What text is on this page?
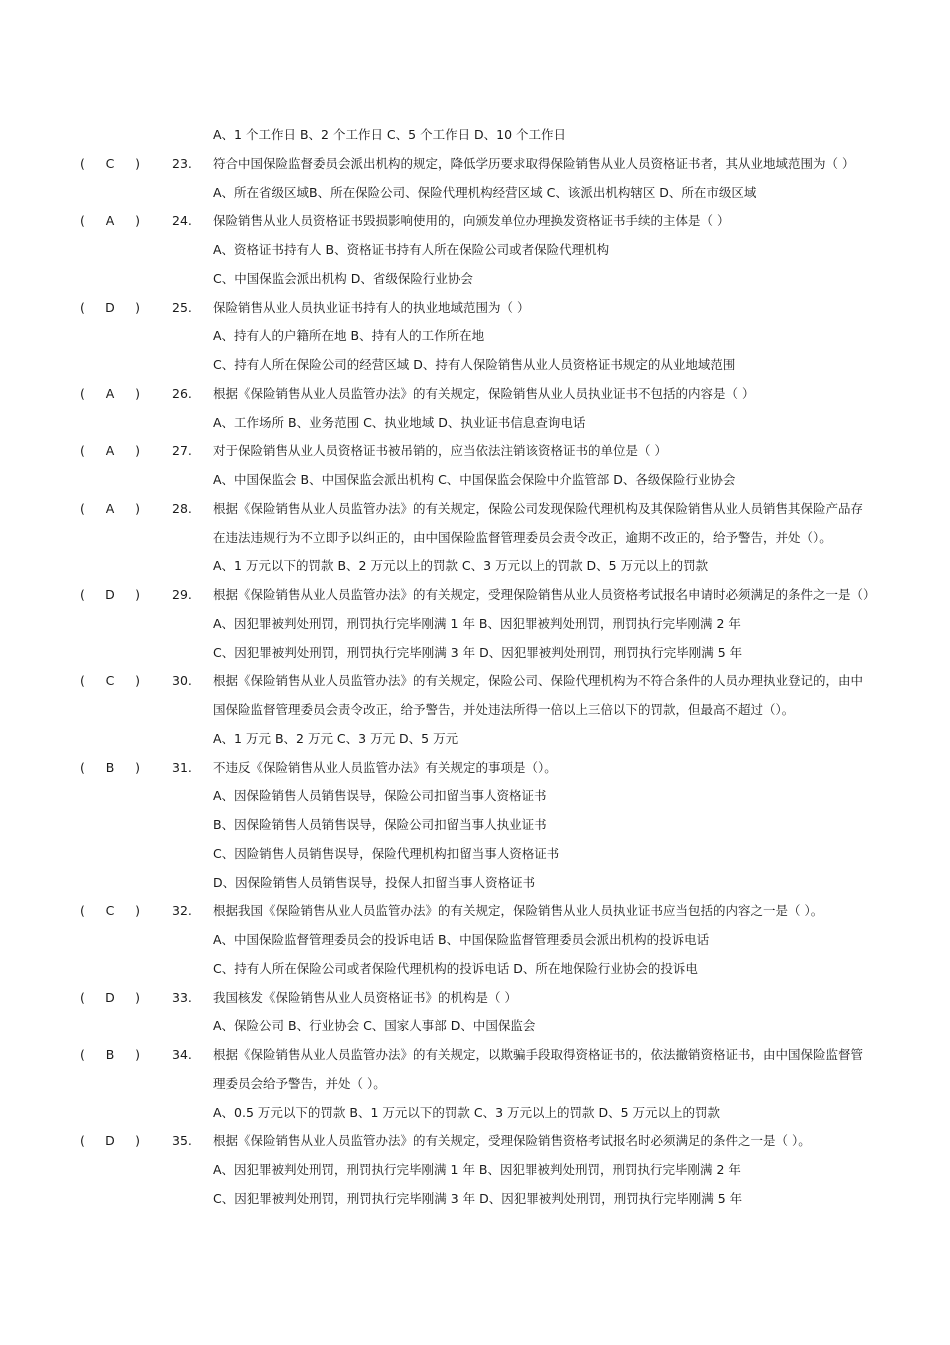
A、1 个工作日 B、2 个工作日 C、5 个工作日 D、10 个工作日
(	C	)	23.	符合中国保险监督委员会派出机构的规定，降低学历要求取得保险销售从业人员资格证书者，其从业地域范围为（ ）
A、所在省级区域B、所在保险公司、保险代理机构经营区域 C、该派出机构辖区 D、所在市级区域
(	A	)	24.	保险销售从业人员资格证书毁损影响使用的，向颁发单位办理换发资格证书手续的主体是（ ）
A、资格证书持有人 B、资格证书持有人所在保险公司或者保险代理机构
C、中国保监会派出机构 D、省级保险行业协会
(	D	)	25.	保险销售从业人员执业证书持有人的执业地域范围为（ ）
A、持有人的户籍所在地 B、持有人的工作所在地
C、持有人所在保险公司的经营区域 D、持有人保险销售从业人员资格证书规定的从业地域范围
(	A	)	26.	根据《保险销售从业人员监管办法》的有关规定，保险销售从业人员执业证书不包括的内容是（ ）
A、工作场所 B、业务范围 C、执业地域 D、执业证书信息查询电话
(	A	)	27.	对于保险销售从业人员资格证书被吊销的，应当依法注销该资格证书的单位是（ ）
A、中国保监会 B、中国保监会派出机构 C、中国保监会保险中介监管部 D、各级保险行业协会
(	A	)	28.	根据《保险销售从业人员监管办法》的有关规定，保险公司发现保险代理机构及其保险销售从业人员销售其保险产品存
在违法违规行为不立即予以纠正的，由中国保险监督管理委员会责令改正，逾期不改正的，给予警告，并处（）。
A、1 万元以下的罚款 B、2 万元以上的罚款 C、3 万元以上的罚款 D、5 万元以上的罚款
(	D	)	29.	根据《保险销售从业人员监管办法》的有关规定，受理保险销售从业人员资格考试报名申请时必须满足的条件之一是（）
A、因犯罪被判处刑罚，刑罚执行完毕刚满 1 年 B、因犯罪被判处刑罚，刑罚执行完毕刚满 2 年
C、因犯罪被判处刑罚，刑罚执行完毕刚满 3 年 D、因犯罪被判处刑罚，刑罚执行完毕刚满 5 年
(	C	)	30.	根据《保险销售从业人员监管办法》的有关规定，保险公司、保险代理机构为不符合条件的人员办理执业登记的，由中
国保险监督管理委员会责令改正，给予警告，并处违法所得一倍以上三倍以下的罚款，但最高不超过（）。
A、1 万元 B、2 万元 C、3 万元 D、5 万元
(	B	)	31.	不违反《保险销售从业人员监管办法》有关规定的事项是（）。
A、因保险销售人员销售误导，保险公司扣留当事人资格证书
B、因保险销售人员销售误导，保险公司扣留当事人执业证书
C、因险销售人员销售误导，保险代理机构扣留当事人资格证书
D、因保险销售人员销售误导，投保人扣留当事人资格证书
(	C	)	32.	根据我国《保险销售从业人员监管办法》的有关规定，保险销售从业人员执业证书应当包括的内容之一是（ ）。
A、中国保险监督管理委员会的投诉电话 B、中国保险监督管理委员会派出机构的投诉电话
C、持有人所在保险公司或者保险代理机构的投诉电话 D、所在地保险行业协会的投诉电
(	D	)	33.	我国核发《保险销售从业人员资格证书》的机构是（ ）
A、保险公司 B、行业协会 C、国家人事部 D、中国保监会
(	B	)	34.	根据《保险销售从业人员监管办法》的有关规定，以欺骗手段取得资格证书的，依法撤销资格证书，由中国保险监督管
理委员会给予警告，并处（ ）。
A、0.5 万元以下的罚款 B、1 万元以下的罚款 C、3 万元以上的罚款 D、5 万元以上的罚款
(	D	)	35.	根据《保险销售从业人员监管办法》的有关规定，受理保险销售资格考试报名时必须满足的条件之一是（ ）。
A、因犯罪被判处刑罚，刑罚执行完毕刚满 1 年 B、因犯罪被判处刑罚，刑罚执行完毕刚满 2 年
C、因犯罪被判处刑罚，刑罚执行完毕刚满 3 年 D、因犯罪被判处刑罚，刑罚执行完毕刚满 5 年
